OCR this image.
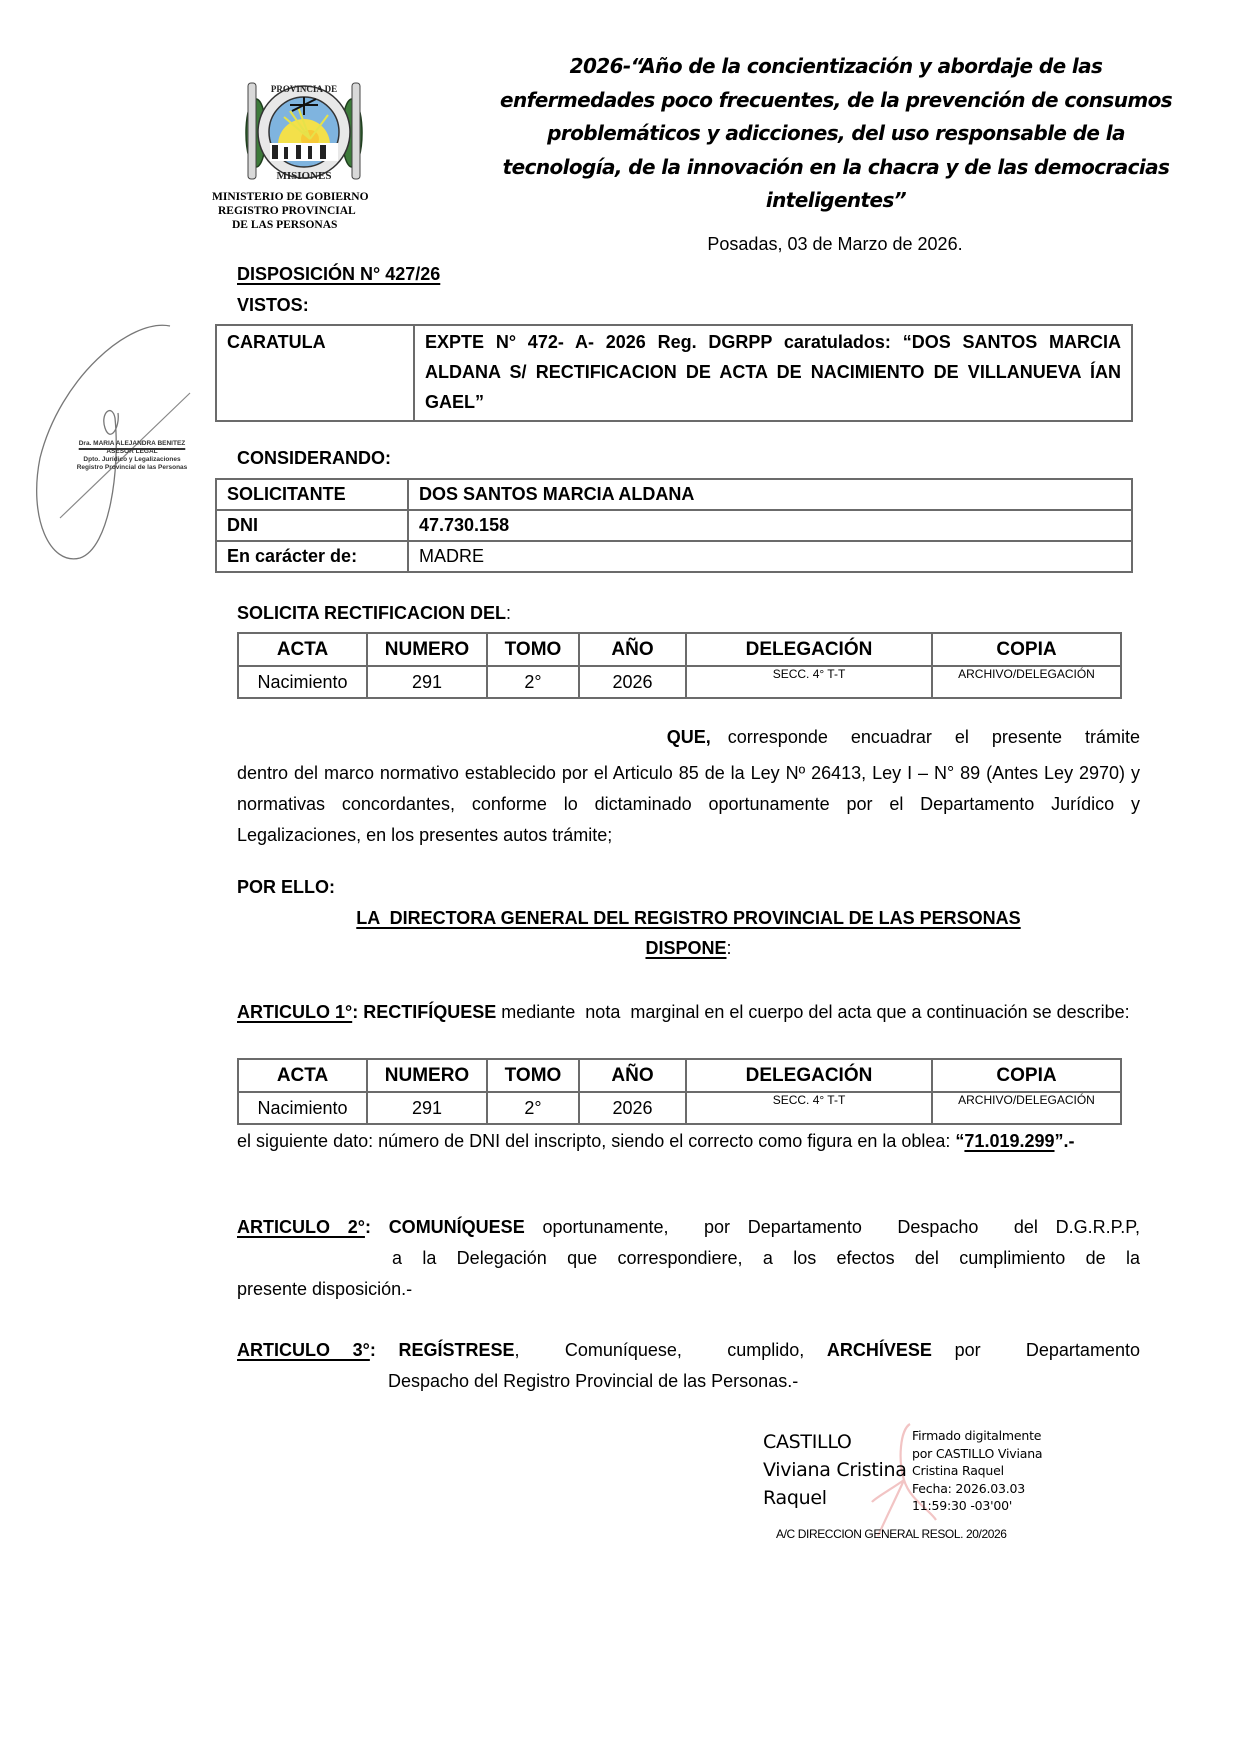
PROVINCIA DE
MISIONES
MINISTERIO DE GOBIERNO
REGISTRO PROVINCIAL
DE LAS PERSONAS
2026-“Año de la concientización y abordaje de las
enfermedades poco frecuentes, de la prevención de consumos
problemáticos y adicciones, del uso responsable de la
tecnología, de la innovación en la chacra y de las democracias
inteligentes”
Posadas, 03 de Marzo de 2026.
DISPOSICIÓN N° 427/26
VISTOS:
Dra. MARIA ALEJANDRA BENITEZ
ASESOR LEGAL
Dpto. Jurídico y Legalizaciones
Registro Provincial de las Personas
CARATULA	EXPTE N° 472- A- 2026 Reg. DGRPP caratulados: “DOS SANTOS MARCIA ALDANA S/ RECTIFICACION DE ACTA DE NACIMIENTO DE VILLANUEVA ÍAN GAEL”
CONSIDERANDO:
SOLICITANTE	DOS SANTOS MARCIA ALDANA
DNI	47.730.158
En carácter de:	MADRE
SOLICITA RECTIFICACION DEL:
ACTA	NUMERO	TOMO	AÑO	DELEGACIÓN	COPIA
Nacimiento	291	2°	2026	SECC. 4° T-T	ARCHIVO/DELEGACIÓN
QUE, corresponde encuadrar el presente trámite
dentro del marco normativo establecido por el Articulo 85 de la Ley Nº 26413, Ley I – N° 89 (Antes Ley 2970) y normativas concordantes, conforme lo dictaminado oportunamente por el Departamento Jurídico y Legalizaciones, en los presentes autos trámite;
POR ELLO:
LA  DIRECTORA GENERAL DEL REGISTRO PROVINCIAL DE LAS PERSONAS
DISPONE:
ARTICULO 1°: RECTIFÍQUESE mediante  nota  marginal en el cuerpo del acta que a continuación se describe:
ACTA	NUMERO	TOMO	AÑO	DELEGACIÓN	COPIA
Nacimiento	291	2°	2026	SECC. 4° T-T	ARCHIVO/DELEGACIÓN
el siguiente dato: número de DNI del inscripto, siendo el correcto como figura en la oblea: “71.019.299”.-
ARTICULO 2°: COMUNÍQUESE oportunamente,  por Departamento  Despacho  del D.G.R.P.P,
a la Delegación que correspondiere, a los efectos del cumplimiento de la
presente disposición.-
ARTICULO 3°: REGÍSTRESE,  Comuníquese,  cumplido, ARCHÍVESE por  Departamento
Despacho del Registro Provincial de las Personas.-
CASTILLO
Viviana Cristina
Raquel
Firmado digitalmente
por CASTILLO Viviana
Cristina Raquel
Fecha: 2026.03.03
11:59:30 -03'00'
A/C DIRECCION GENERAL RESOL. 20/2026
